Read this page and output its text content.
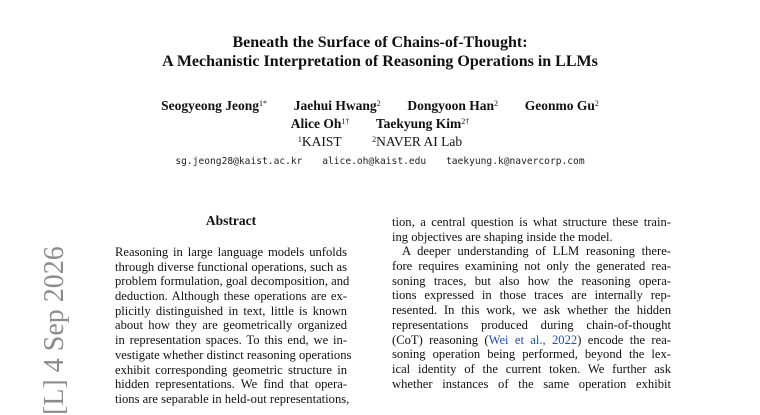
Beneath the Surface of Chains-of-Thought:
A Mechanistic Interpretation of Reasoning Operations in LLMs
Seogyeong Jeong$^{1*}$ Jaehui Hwang$^2$ Dongyoon Han$^2$ Geonmo Gu$^2$
Alice $Oh^{1\dagger}$ Taekyung Kim$^{2\dagger}$
$^1$KAIST	$^2$NAVER AI Lab
sg.jeong28@kaist.ac.kr alice.oh@kaist.edu taekyung.k@navercorp.com
[L] 4 Sep 2026
Abstract
Reasoning in large language models unfolds
through diverse functional operations, such as
problem formulation, goal decomposition, and
deduction. Although these operations are ex-
plicitly distinguished in text, little is known
about how they are geometrically organized
in representation spaces. To this end, we in-
vestigate whether distinct reasoning operations
exhibit corresponding geometric structure in
hidden representations. We find that opera-
tions are separable in held-out representations,
tion, a central question is what structure these train-
ing objectives are shaping inside the model.
A deeper understanding of LLM reasoning there-
fore requires examining not only the generated rea-
soning traces, but also how the reasoning opera-
tions expressed in those traces are internally rep-
resented. In this work, we ask whether the hidden
representations produced during chain-of-thought
(CoT) reasoning (Wei et al., 2022) encode the rea-
soning operation being performed, beyond the lex-
ical identity of the current token. We further ask
whether instances of the same operation exhibit
